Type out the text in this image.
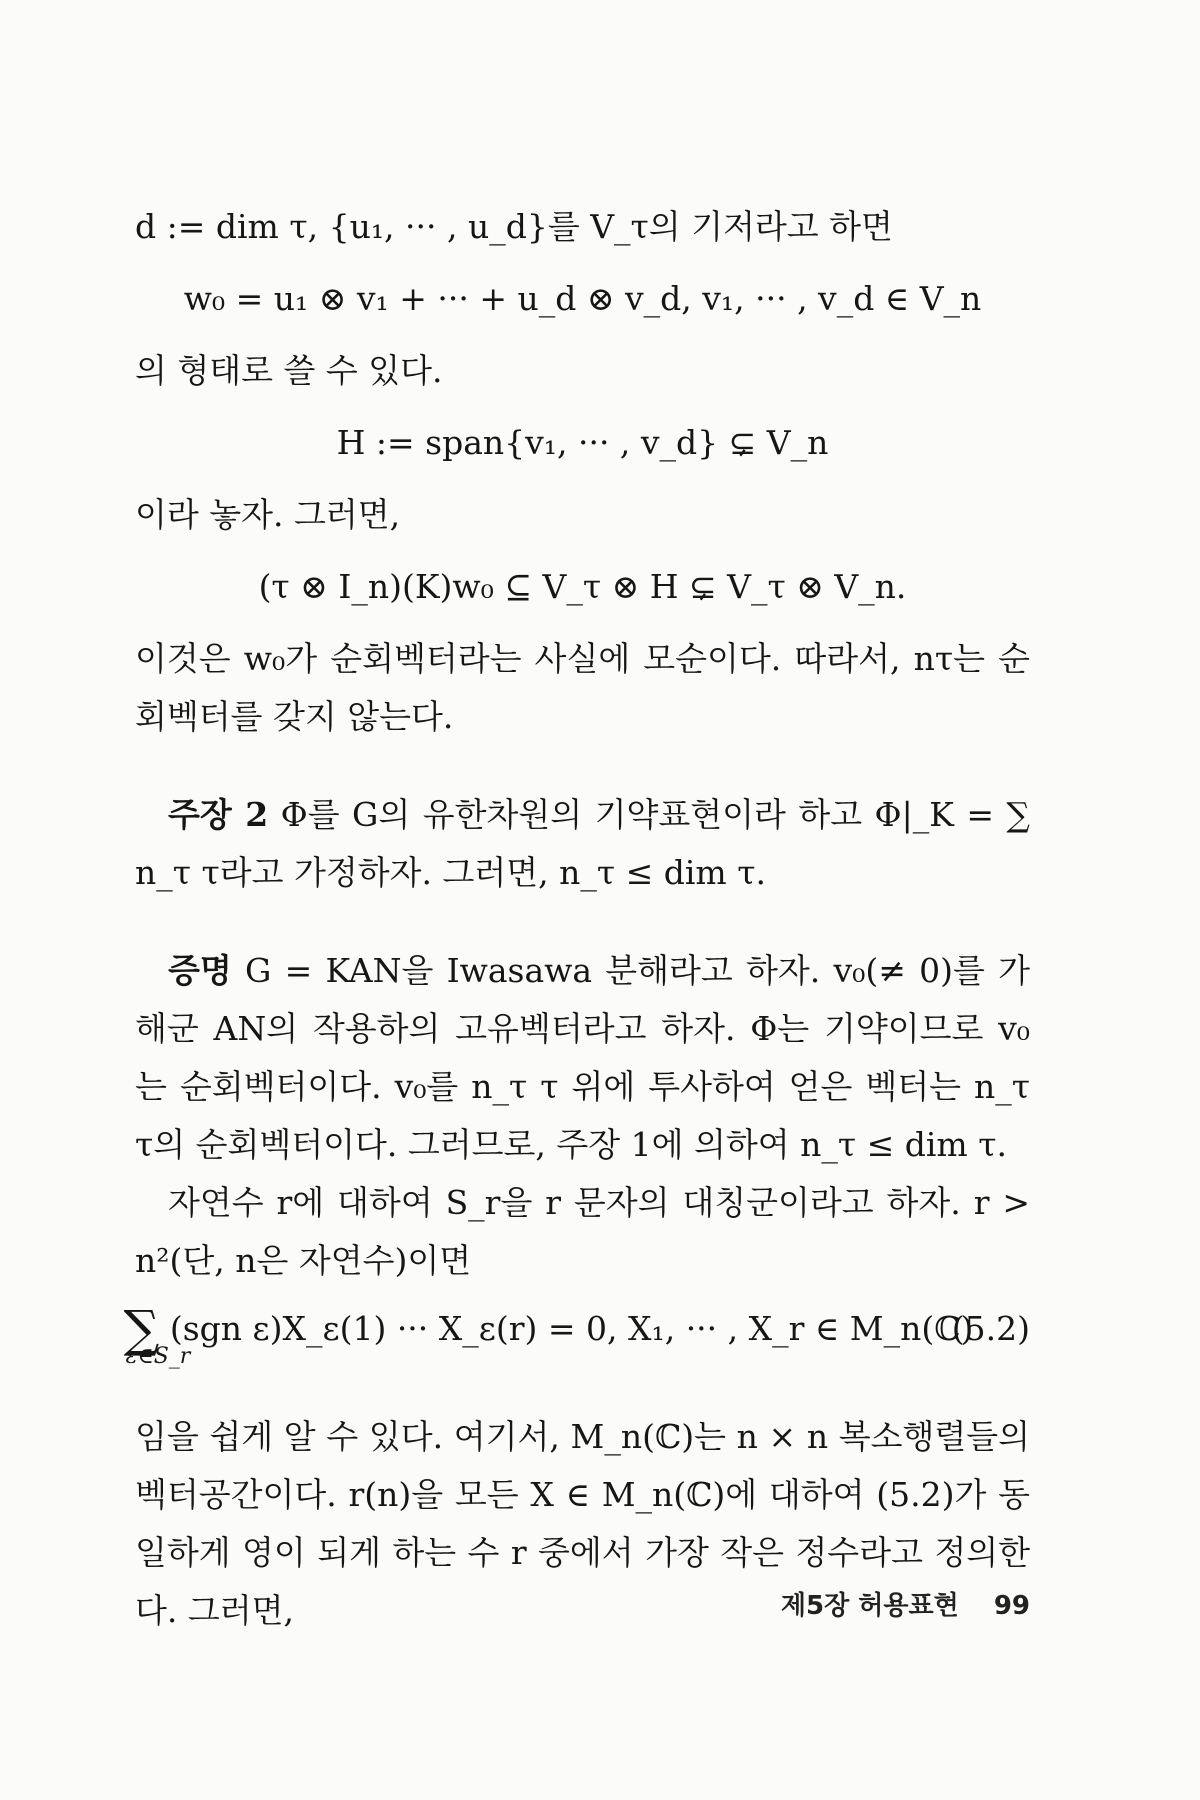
d := dim τ, {u₁, ··· , u_d}를 V_τ의 기저라고 하면

w₀ = u₁ ⊗ v₁ + ··· + u_d ⊗ v_d, v₁, ··· , v_d ∈ V_n

의 형태로 쓸 수 있다.

H := span{v₁, ··· , v_d} ⊊ V_n

이라 놓자. 그러면,

(τ ⊗ I_n)(K)w₀ ⊆ V_τ ⊗ H ⊊ V_τ ⊗ V_n.

이것은 w₀가 순회벡터라는 사실에 모순이다. 따라서, nτ는 순회벡터를 갖지 않는다.

주장 2 Φ를 G의 유한차원의 기약표현이라 하고 Φ|_K = ∑ n_τ τ라고 가정하자. 그러면, n_τ ≤ dim τ.

증명 G = KAN을 Iwasawa 분해라고 하자. v₀(≠ 0)를 가해군 AN의 작용하의 고유벡터라고 하자. Φ는 기약이므로 v₀는 순회벡터이다. v₀를 n_τ τ 위에 투사하여 얻은 벡터는 n_τ τ의 순회벡터이다. 그러므로, 주장 1에 의하여 n_τ ≤ dim τ.

자연수 r에 대하여 S_r을 r 문자의 대칭군이라고 하자. r > n²(단, n은 자연수)이면

∑
ε∈S_r
(sgn ε)X_ε(1) ··· X_ε(r) = 0, X₁, ··· , X_r ∈ M_n(ℂ)
(5.2)

임을 쉽게 알 수 있다. 여기서, M_n(ℂ)는 n × n 복소행렬들의 벡터공간이다. r(n)을 모든 X ∈ M_n(ℂ)에 대하여 (5.2)가 동일하게 영이 되게 하는 수 r 중에서 가장 작은 정수라고 정의한다. 그러면,	제5장 허용표현 99
